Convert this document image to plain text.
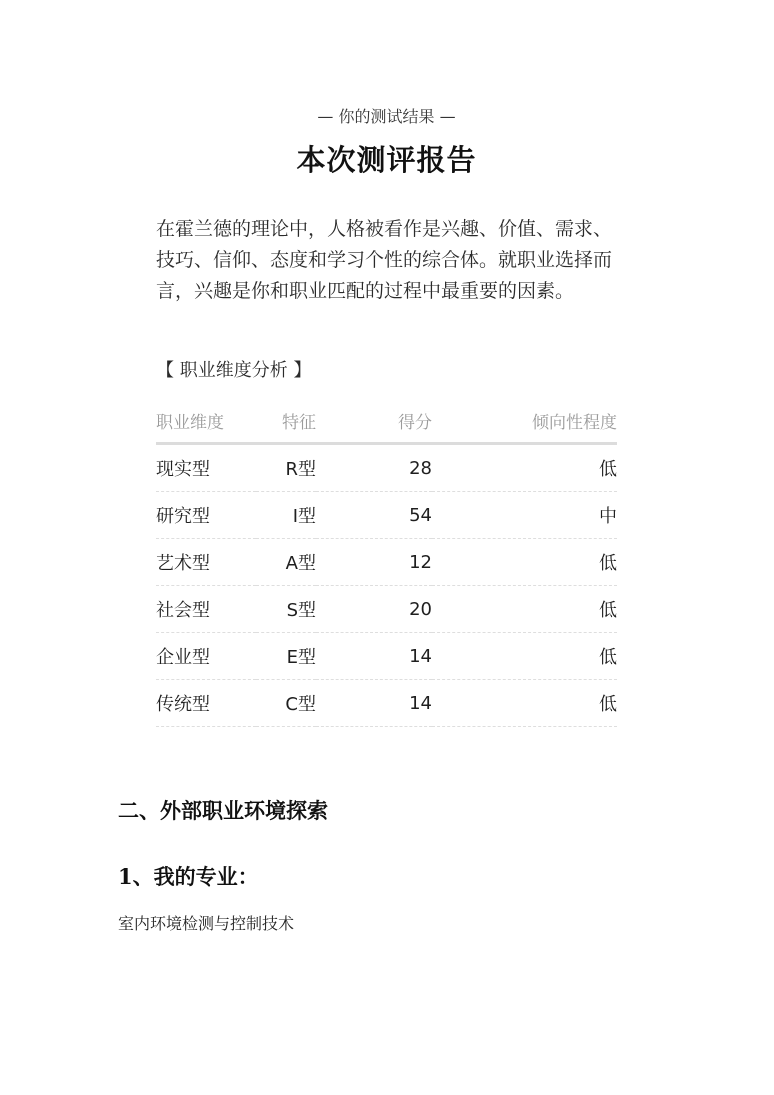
— 你的测试结果 —
本次测评报告

在霍兰德的理论中，人格被看作是兴趣、价值、需求、技巧、信仰、态度和学习个性的综合体。就职业选择而言，兴趣是你和职业匹配的过程中最重要的因素。

【 职业维度分析 】
职业维度	特征	得分	倾向性程度
现实型	R型	28	低
研究型	I型	54	中
艺术型	A型	12	低
社会型	S型	20	低
企业型	E型	14	低
传统型	C型	14	低
二、外部职业环境探索
1、我的专业：
室内环境检测与控制技术
